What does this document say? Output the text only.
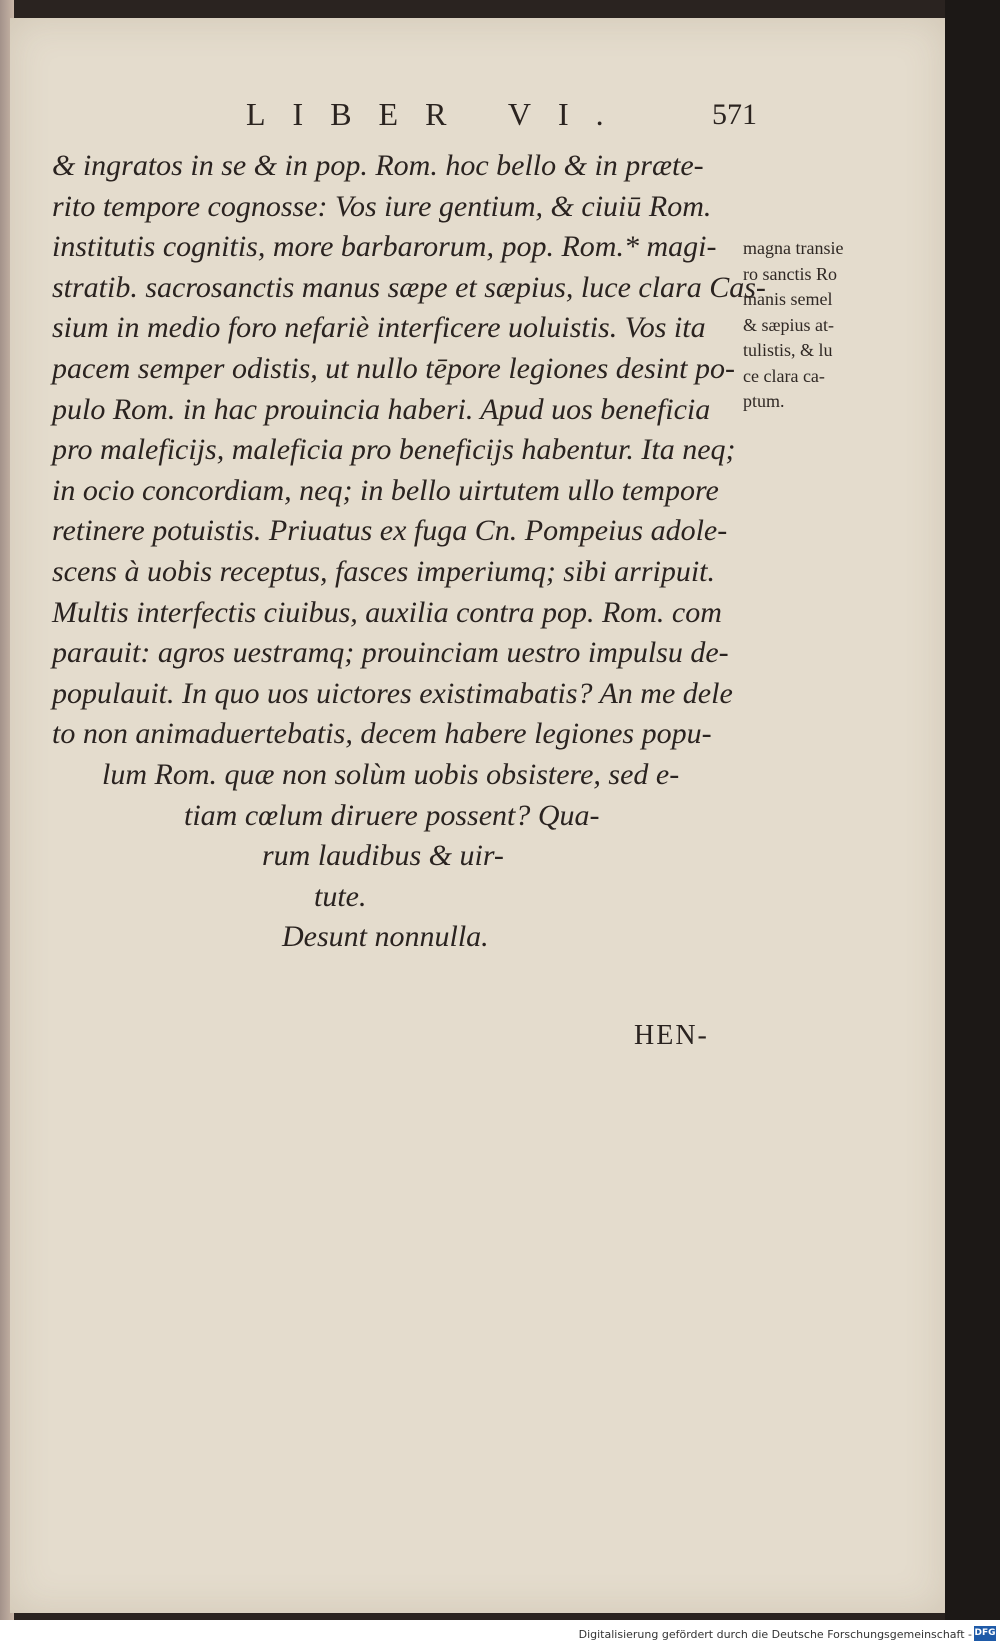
LIBER VI.	571
& ingratos in se & in pop. Rom. hoc bello & in præte-
rito tempore cognosse: Vos iure gentium, & ciuiū Rom.
institutis cognitis, more barbarorum, pop. Rom.* magi-
stratib. sacrosanctis manus sæpe et sæpius, luce clara Cas-
sium in medio foro nefariè interficere uoluistis. Vos ita
pacem semper odistis, ut nullo tēpore legiones desint po-
pulo Rom. in hac prouincia haberi. Apud uos beneficia
pro maleficijs, maleficia pro beneficijs habentur. Ita neq;
in ocio concordiam, neq; in bello uirtutem ullo tempore
retinere potuistis. Priuatus ex fuga Cn. Pompeius adole-
scens à uobis receptus, fasces imperiumq; sibi arripuit.
Multis interfectis ciuibus, auxilia contra pop. Rom. com
parauit: agros uestramq; prouinciam uestro impulsu de-
populauit. In quo uos uictores existimabatis? An me dele
to non animaduertebatis, decem habere legiones popu-
lum Rom. quæ non solùm uobis obsistere, sed e-
tiam cœlum diruere possent? Qua-
rum laudibus & uir-
tute.
Desunt nonnulla.
magna transie
ro sanctis Ro
manis semel
& sæpius at-
tulistis, & lu
ce clara ca-
ptum.
HEN-
Digitalisierung gefördert durch die Deutsche Forschungsgemeinschaft - DFG
